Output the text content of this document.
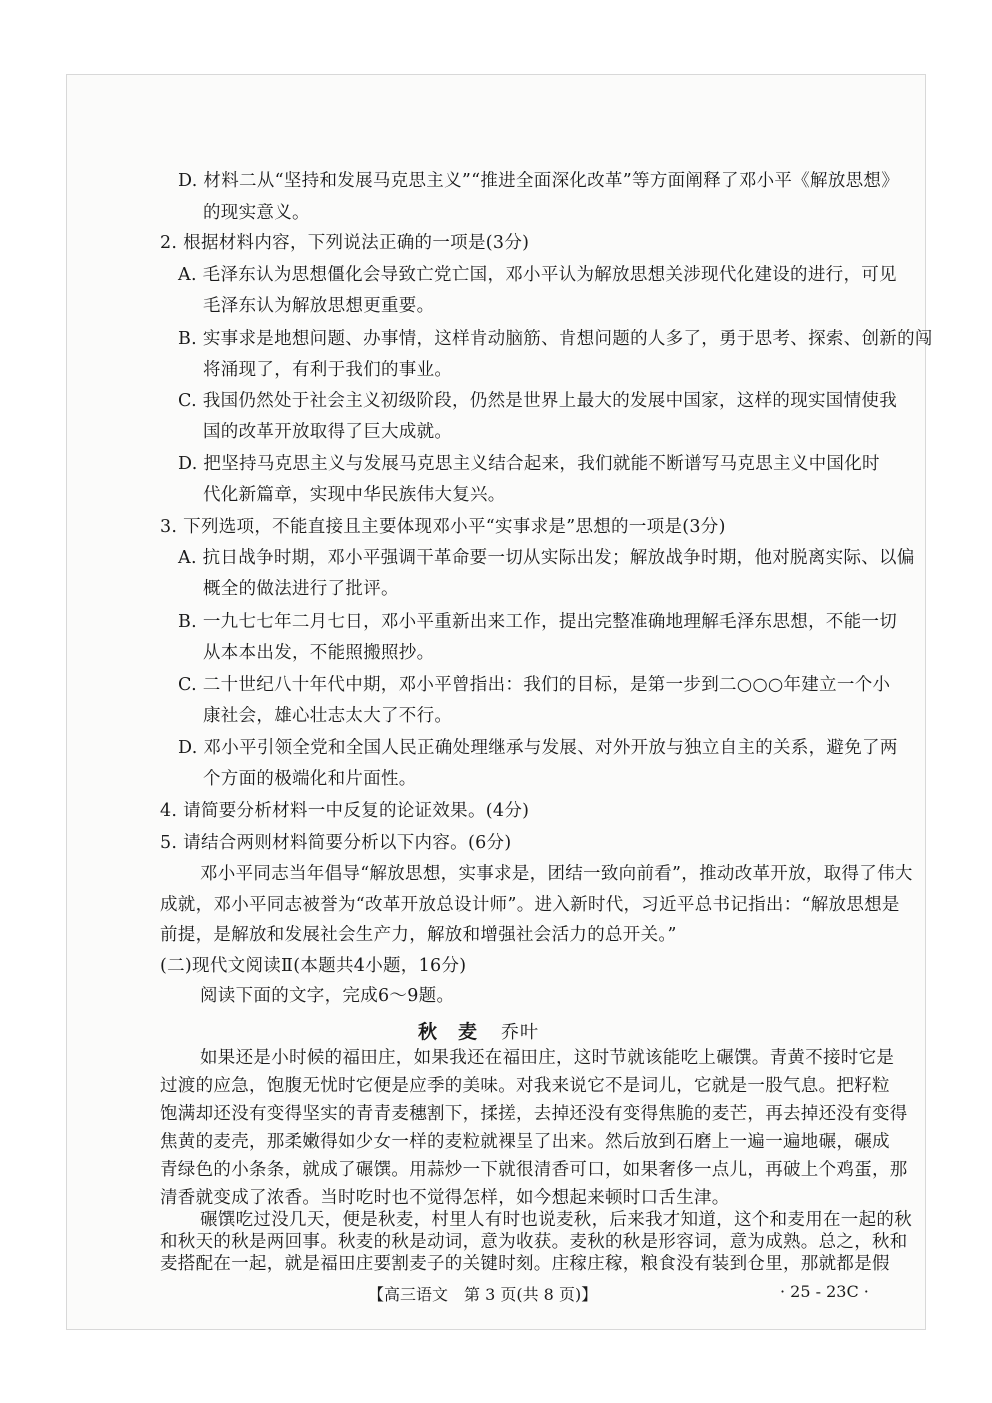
D. 材料二从“坚持和发展马克思主义”“推进全面深化改革”等方面阐释了邓小平《解放思想》
的现实意义。
2. 根据材料内容，下列说法正确的一项是(3分)
A. 毛泽东认为思想僵化会导致亡党亡国，邓小平认为解放思想关涉现代化建设的进行，可见
毛泽东认为解放思想更重要。
B. 实事求是地想问题、办事情，这样肯动脑筋、肯想问题的人多了，勇于思考、探索、创新的闯
将涌现了，有利于我们的事业。
C. 我国仍然处于社会主义初级阶段，仍然是世界上最大的发展中国家，这样的现实国情使我
国的改革开放取得了巨大成就。
D. 把坚持马克思主义与发展马克思主义结合起来，我们就能不断谱写马克思主义中国化时
代化新篇章，实现中华民族伟大复兴。
3. 下列选项，不能直接且主要体现邓小平“实事求是”思想的一项是(3分)
A. 抗日战争时期，邓小平强调干革命要一切从实际出发；解放战争时期，他对脱离实际、以偏
概全的做法进行了批评。
B. 一九七七年二月七日，邓小平重新出来工作，提出完整准确地理解毛泽东思想，不能一切
从本本出发，不能照搬照抄。
C. 二十世纪八十年代中期，邓小平曾指出：我们的目标，是第一步到二○○○年建立一个小
康社会，雄心壮志太大了不行。
D. 邓小平引领全党和全国人民正确处理继承与发展、对外开放与独立自主的关系，避免了两
个方面的极端化和片面性。
4. 请简要分析材料一中反复的论证效果。(4分)
5. 请结合两则材料简要分析以下内容。(6分)
邓小平同志当年倡导“解放思想，实事求是，团结一致向前看”，推动改革开放，取得了伟大
成就，邓小平同志被誉为“改革开放总设计师”。进入新时代，习近平总书记指出：“解放思想是
前提，是解放和发展社会生产力，解放和增强社会活力的总开关。”
(二)现代文阅读Ⅱ(本题共4小题，16分)
阅读下面的文字，完成6～9题。
如果还是小时候的福田庄，如果我还在福田庄，这时节就该能吃上碾馔。青黄不接时它是
过渡的应急，饱腹无忧时它便是应季的美味。对我来说它不是词儿，它就是一股气息。把籽粒
饱满却还没有变得坚实的青青麦穗割下，揉搓，去掉还没有变得焦脆的麦芒，再去掉还没有变得
焦黄的麦壳，那柔嫩得如少女一样的麦粒就裸呈了出来。然后放到石磨上一遍一遍地碾，碾成
青绿色的小条条，就成了碾馔。用蒜炒一下就很清香可口，如果奢侈一点儿，再破上个鸡蛋，那
清香就变成了浓香。当时吃时也不觉得怎样，如今想起来顿时口舌生津。
碾馔吃过没几天，便是秋麦，村里人有时也说麦秋，后来我才知道，这个和麦用在一起的秋
和秋天的秋是两回事。秋麦的秋是动词，意为收获。麦秋的秋是形容词，意为成熟。总之，秋和
麦搭配在一起，就是福田庄要割麦子的关键时刻。庄稼庄稼，粮食没有装到仓里，那就都是假
秋　麦 乔叶
【高三语文　第 3 页(共 8 页)】	· 25 - 23C ·
